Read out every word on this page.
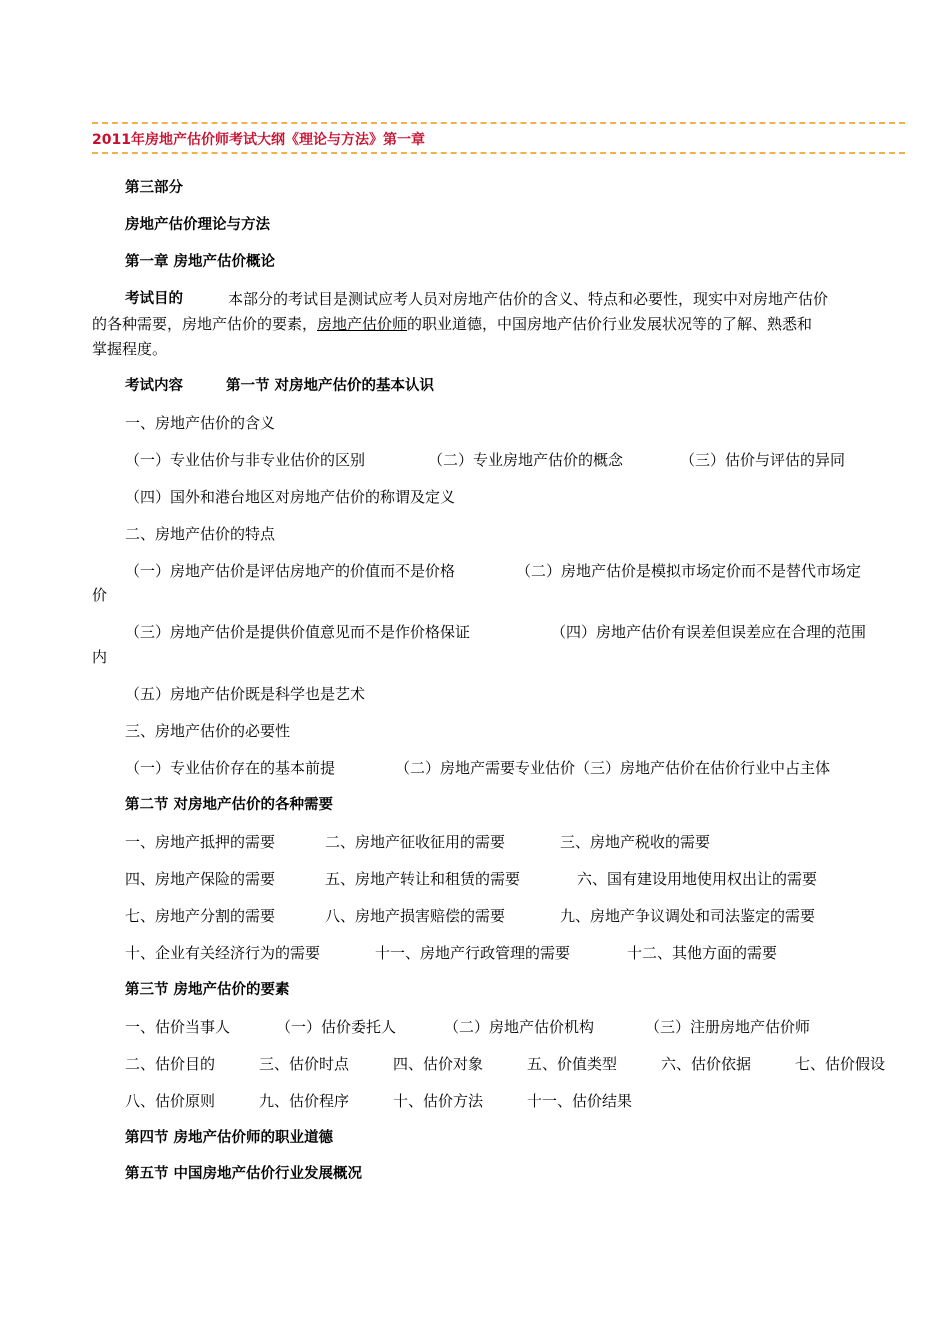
2011年房地产估价师考试大纲《理论与方法》第一章
第三部分
房地产估价理论与方法
第一章 房地产估价概论
考试目的	本部分的考试目是测试应考人员对房地产估价的含义、特点和必要性，现实中对房地产估价
的各种需要，房地产估价的要素，房地产估价师的职业道德，中国房地产估价行业发展状况等的了解、熟悉和
掌握程度。
考试内容	第一节 对房地产估价的基本认识
一、房地产估价的含义
（一）专业估价与非专业估价的区别	（二）专业房地产估价的概念	（三）估价与评估的异同
（四）国外和港台地区对房地产估价的称谓及定义
二、房地产估价的特点
（一）房地产估价是评估房地产的价值而不是价格	（二）房地产估价是模拟市场定价而不是替代市场定
价
（三）房地产估价是提供价值意见而不是作价格保证	（四）房地产估价有误差但误差应在合理的范围
内
（五）房地产估价既是科学也是艺术
三、房地产估价的必要性
（一）专业估价存在的基本前提	（二）房地产需要专业估价（三）房地产估价在估价行业中占主体
第二节 对房地产估价的各种需要
一、房地产抵押的需要	二、房地产征收征用的需要	三、房地产税收的需要
四、房地产保险的需要	五、房地产转让和租赁的需要	六、国有建设用地使用权出让的需要
七、房地产分割的需要	八、房地产损害赔偿的需要	九、房地产争议调处和司法鉴定的需要
十、企业有关经济行为的需要	十一、房地产行政管理的需要	十二、其他方面的需要
第三节 房地产估价的要素
一、估价当事人	（一）估价委托人	（二）房地产估价机构	（三）注册房地产估价师
二、估价目的	三、估价时点	四、估价对象	五、价值类型	六、估价依据	七、估价假设
八、估价原则	九、估价程序	十、估价方法	十一、估价结果
第四节 房地产估价师的职业道德
第五节 中国房地产估价行业发展概况
